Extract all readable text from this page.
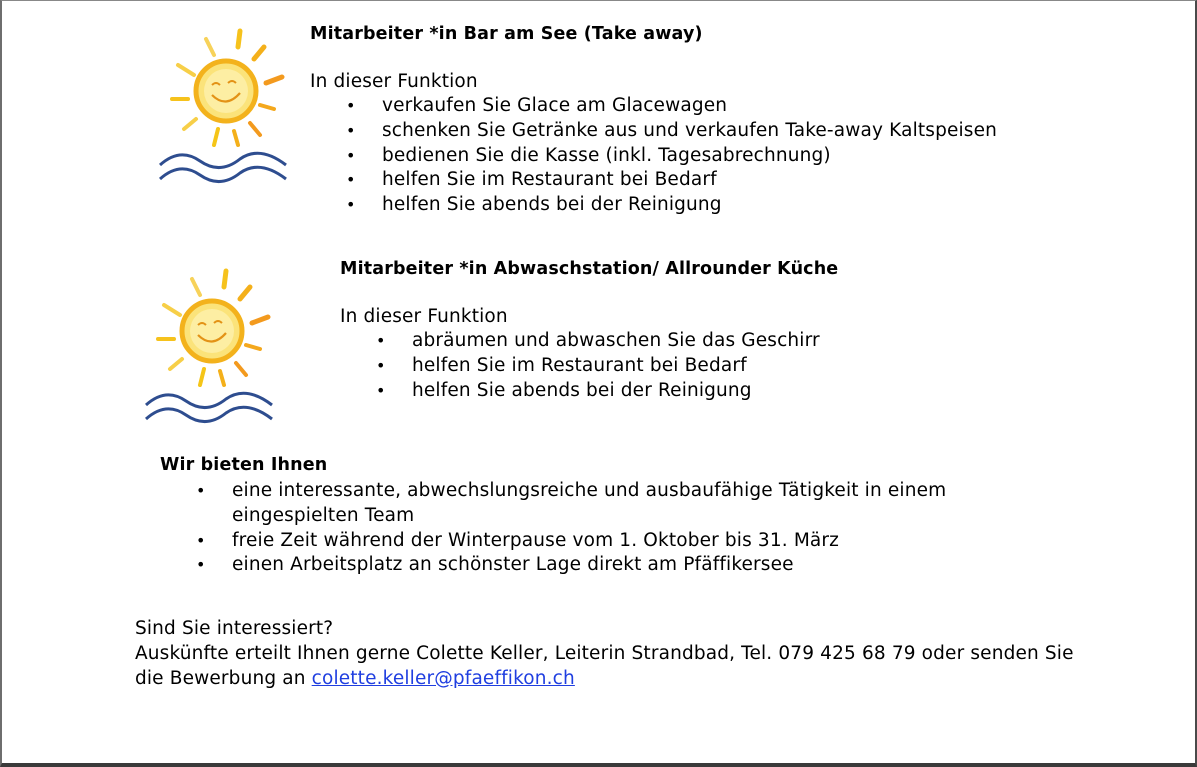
Mitarbeiter *in Bar am See (Take away)
In dieser Funktion
• verkaufen Sie Glace am Glacewagen
• schenken Sie Getränke aus und verkaufen Take-away Kaltspeisen
• bedienen Sie die Kasse (inkl. Tagesabrechnung)
• helfen Sie im Restaurant bei Bedarf
• helfen Sie abends bei der Reinigung
Mitarbeiter *in Abwaschstation/ Allrounder Küche
In dieser Funktion
• abräumen und abwaschen Sie das Geschirr
• helfen Sie im Restaurant bei Bedarf
• helfen Sie abends bei der Reinigung
Wir bieten Ihnen
• eine interessante, abwechslungsreiche und ausbaufähige Tätigkeit in einem
eingespielten Team
• freie Zeit während der Winterpause vom 1. Oktober bis 31. März
• einen Arbeitsplatz an schönster Lage direkt am Pfäffikersee
Sind Sie interessiert?
Auskünfte erteilt Ihnen gerne Colette Keller, Leiterin Strandbad, Tel. 079 425 68 79 oder senden Sie
die Bewerbung an colette.keller@pfaeffikon.ch
